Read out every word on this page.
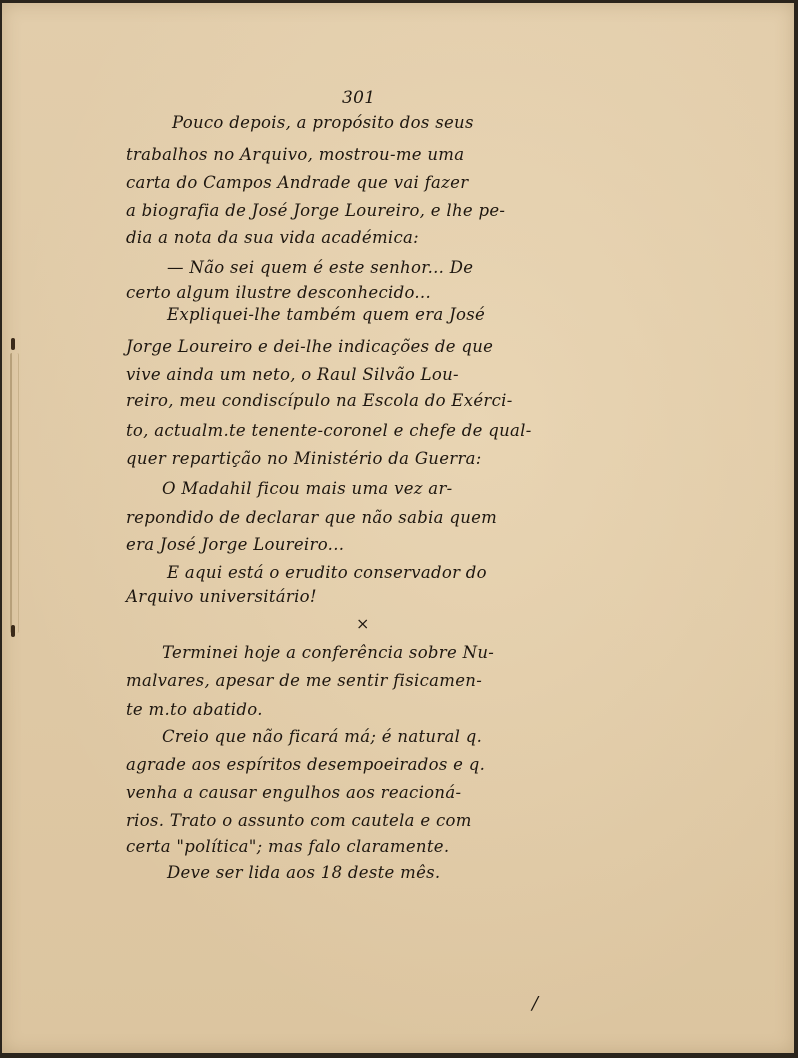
301
Pouco depois, a propósito dos seus
trabalhos no Arquivo, mostrou-me uma
carta do Campos Andrade que vai fazer
a biografia de José Jorge Loureiro, e lhe pe-
dia a nota da sua vida académica:
— Não sei quem é este senhor... De
certo algum ilustre desconhecido...
Expliquei-lhe também quem era José
Jorge Loureiro e dei-lhe indicações de que
vive ainda um neto, o Raul Silvão Lou-
reiro, meu condiscípulo na Escola do Exérci-
to, actualm.te tenente-coronel e chefe de qual-
quer repartição no Ministério da Guerra:
O Madahil ficou mais uma vez ar-
repondido de declarar que não sabia quem
era José Jorge Loureiro...
E aqui está o erudito conservador do
Arquivo universitário!
×
Terminei hoje a conferência sobre Nu-
malvares, apesar de me sentir fisicamen-
te m.to abatido.
Creio que não ficará má; é natural q.
agrade aos espíritos desempoeirados e q.
venha a causar engulhos aos reacioná-
rios. Trato o assunto com cautela e com
certa "política"; mas falo claramente.
Deve ser lida aos 18 deste mês.
/
